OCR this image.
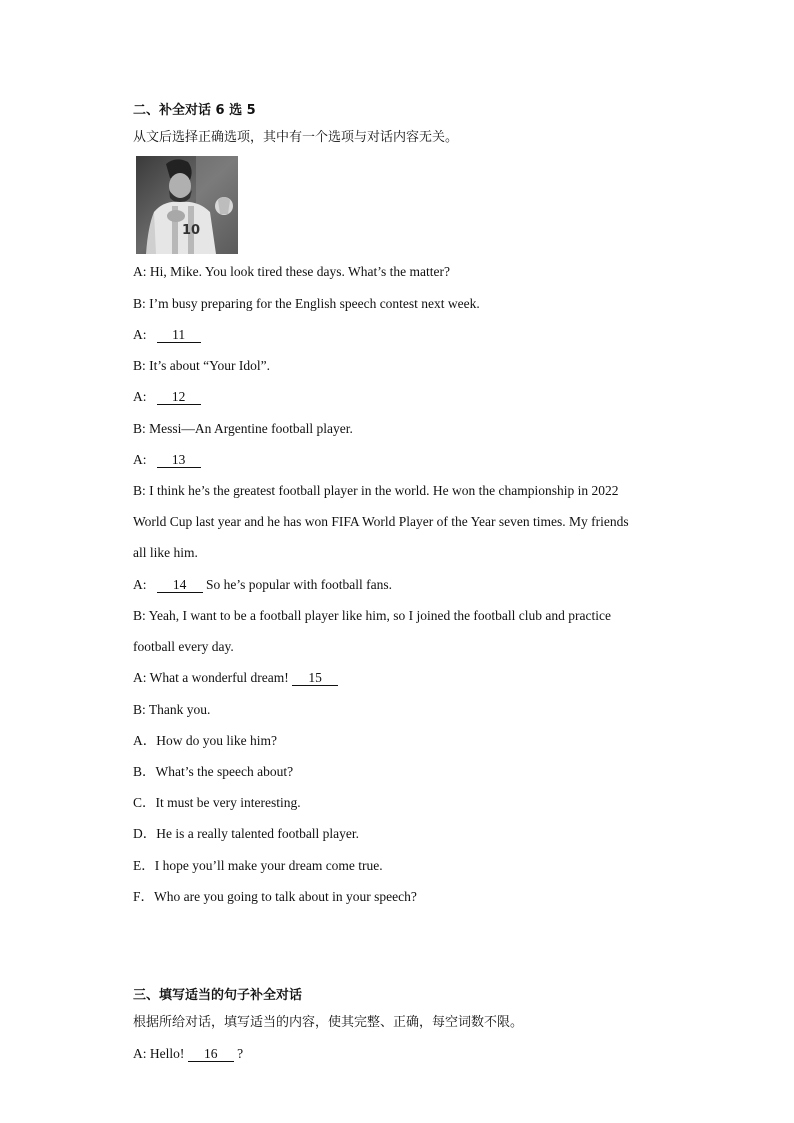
二、补全对话 6 选 5
从文后选择正确选项，其中有一个选项与对话内容无关。
10
A: Hi, Mike. You look tired these days. What’s the matter?
B: I’m busy preparing for the English speech contest next week.
A:   11
B: It’s about “Your Idol”.
A:   12
B: Messi—An Argentine football player.
A:   13
B: I think he’s the greatest football player in the world. He won the championship in 2022
World Cup last year and he has won FIFA World Player of the Year seven times. My friends
all like him.
A:   14 So he’s popular with football fans.
B: Yeah, I want to be a football player like him, so I joined the football club and practice
football every day.
A: What a wonderful dream! 15
B: Thank you.
A．How do you like him?
B．What’s the speech about?
C．It must be very interesting.
D．He is a really talented football player.
E．I hope you’ll make your dream come true.
F．Who are you going to talk about in your speech?
三、填写适当的句子补全对话
根据所给对话，填写适当的内容，使其完整、正确，每空词数不限。
A: Hello! 16 ?
